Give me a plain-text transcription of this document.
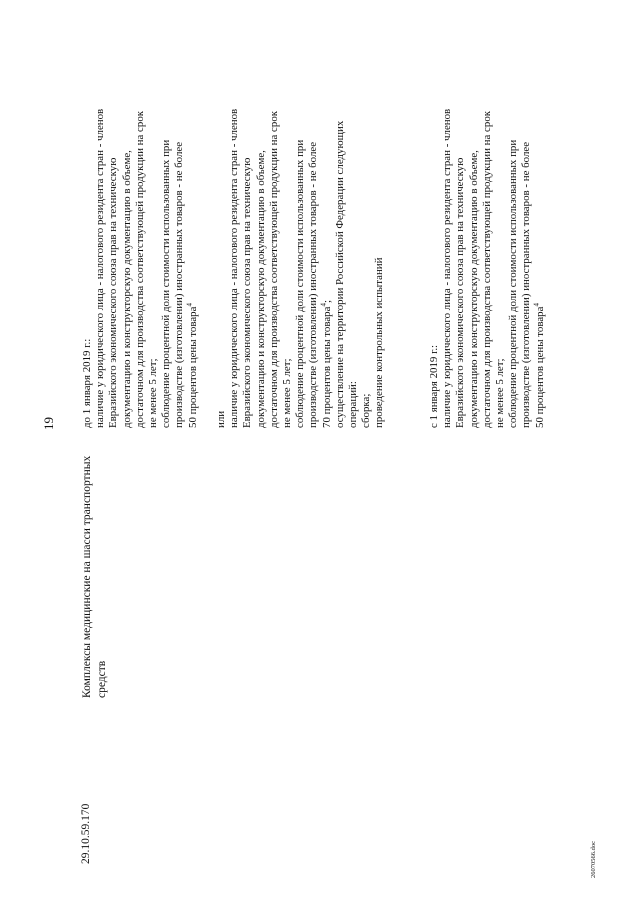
19
29.10.59.170
Комплексы медицинские на шасси транспортных средств

до 1 января 2019 г.: наличие у юридического лица - налогового резидента стран - членов Евразийского экономического союза прав на техническую документацию и конструкторскую документацию в объеме, достаточном для производства соответствующей продукции на срок не менее 5 лет; соблюдение процентной доли стоимости использованных при производстве (изготовлении) иностранных товаров - не более 50 процентов цены товара$^4$

или наличие у юридического лица - налогового резидента стран - членов Евразийского экономического союза прав на техническую документацию и конструкторскую документацию в объеме, достаточном для производства соответствующей продукции на срок не менее 5 лет; соблюдение процентной доли стоимости использованных при производстве (изготовлении) иностранных товаров - не более 70 процентов цены товара$^4$; осуществление на территории Российской Федерации следующих операций: сборка; проведение контрольных испытаний	с 1 января 2019 г.: наличие у юридического лица - налогового резидента стран - членов Евразийского экономического союза прав на техническую документацию и конструкторскую документацию в объеме, достаточном для производства соответствующей продукции на срок не менее 5 лет; соблюдение процентной доли стоимости использованных при производстве (изготовлении) иностранных товаров - не более 50 процентов цены товара$^4$

26070566.doc
